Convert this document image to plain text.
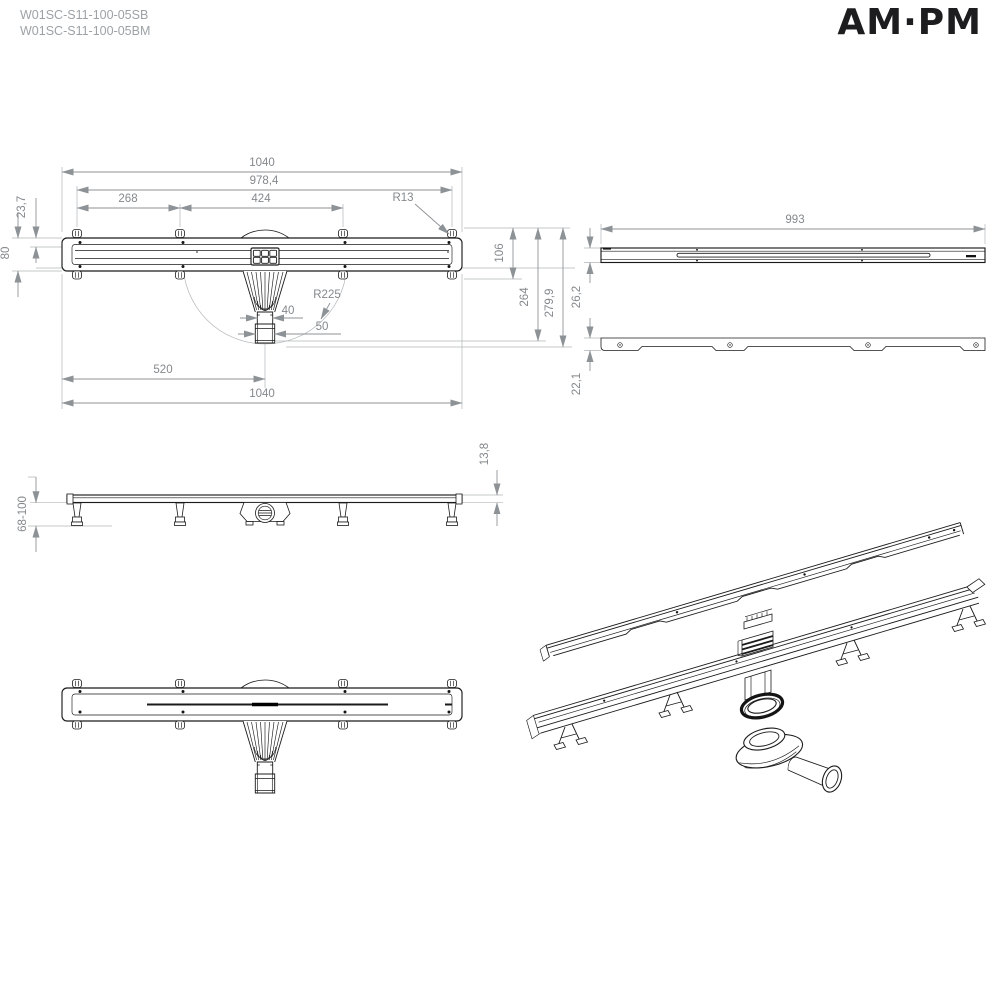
W01SC-S11-100-05SB
W01SC-S11-100-05BM	AM·PM
1040
978,4
268	424	R13
23,7
80	106
264 279,9
R225
40
50
520
1040
993
26,2
22,1
13,8
68-100
